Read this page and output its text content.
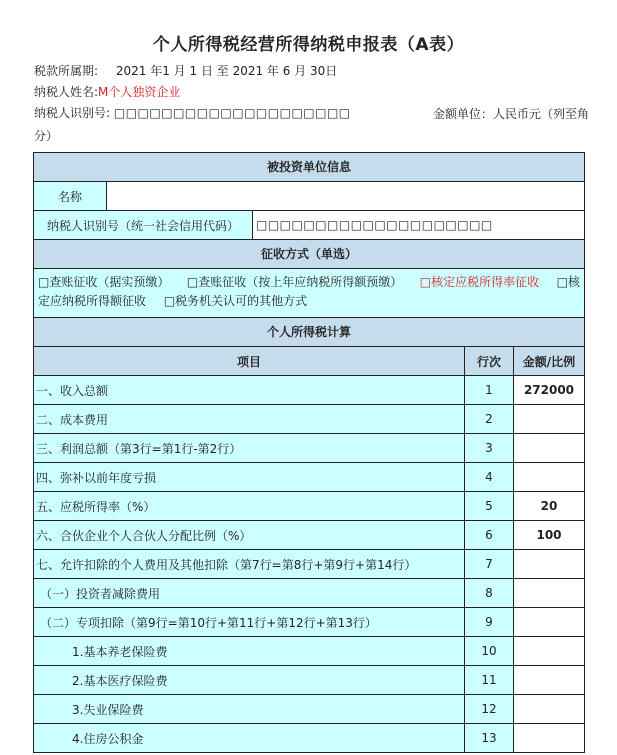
个人所得税经营所得纳税申报表（A表）
税款所属期: 2021 年1 月 1 日 至 2021 年 6 月 30日
纳税人姓名:M个人独资企业
纳税人识别号: □□□□□□□□□□□□□□□□□□□□	金额单位：人民币元（列至角
分）
被投资单位信息
名称
纳税人识别号（统一社会信用代码）	□□□□□□□□□□□□□□□□□□□□
征收方式（单选）
□查账征收（据实预缴） □查账征收（按上年应纳税所得额预缴） □核定应税所得率征收 □核
定应纳税所得额征收 □税务机关认可的其他方式
个人所得税计算
项目	行次	金额/比例
一、收入总额	1	272000
二、成本费用	2
三、利润总额（第3行=第1行-第2行）	3
四、弥补以前年度亏损	4
五、应税所得率（%）	5	20
六、合伙企业个人合伙人分配比例（%）	6	100
七、允许扣除的个人费用及其他扣除（第7行=第8行+第9行+第14行）	7
（一）投资者减除费用	8
（二）专项扣除（第9行=第10行+第11行+第12行+第13行）	9
1.基本养老保险费	10
2.基本医疗保险费	11
3.失业保险费	12
4.住房公积金	13
